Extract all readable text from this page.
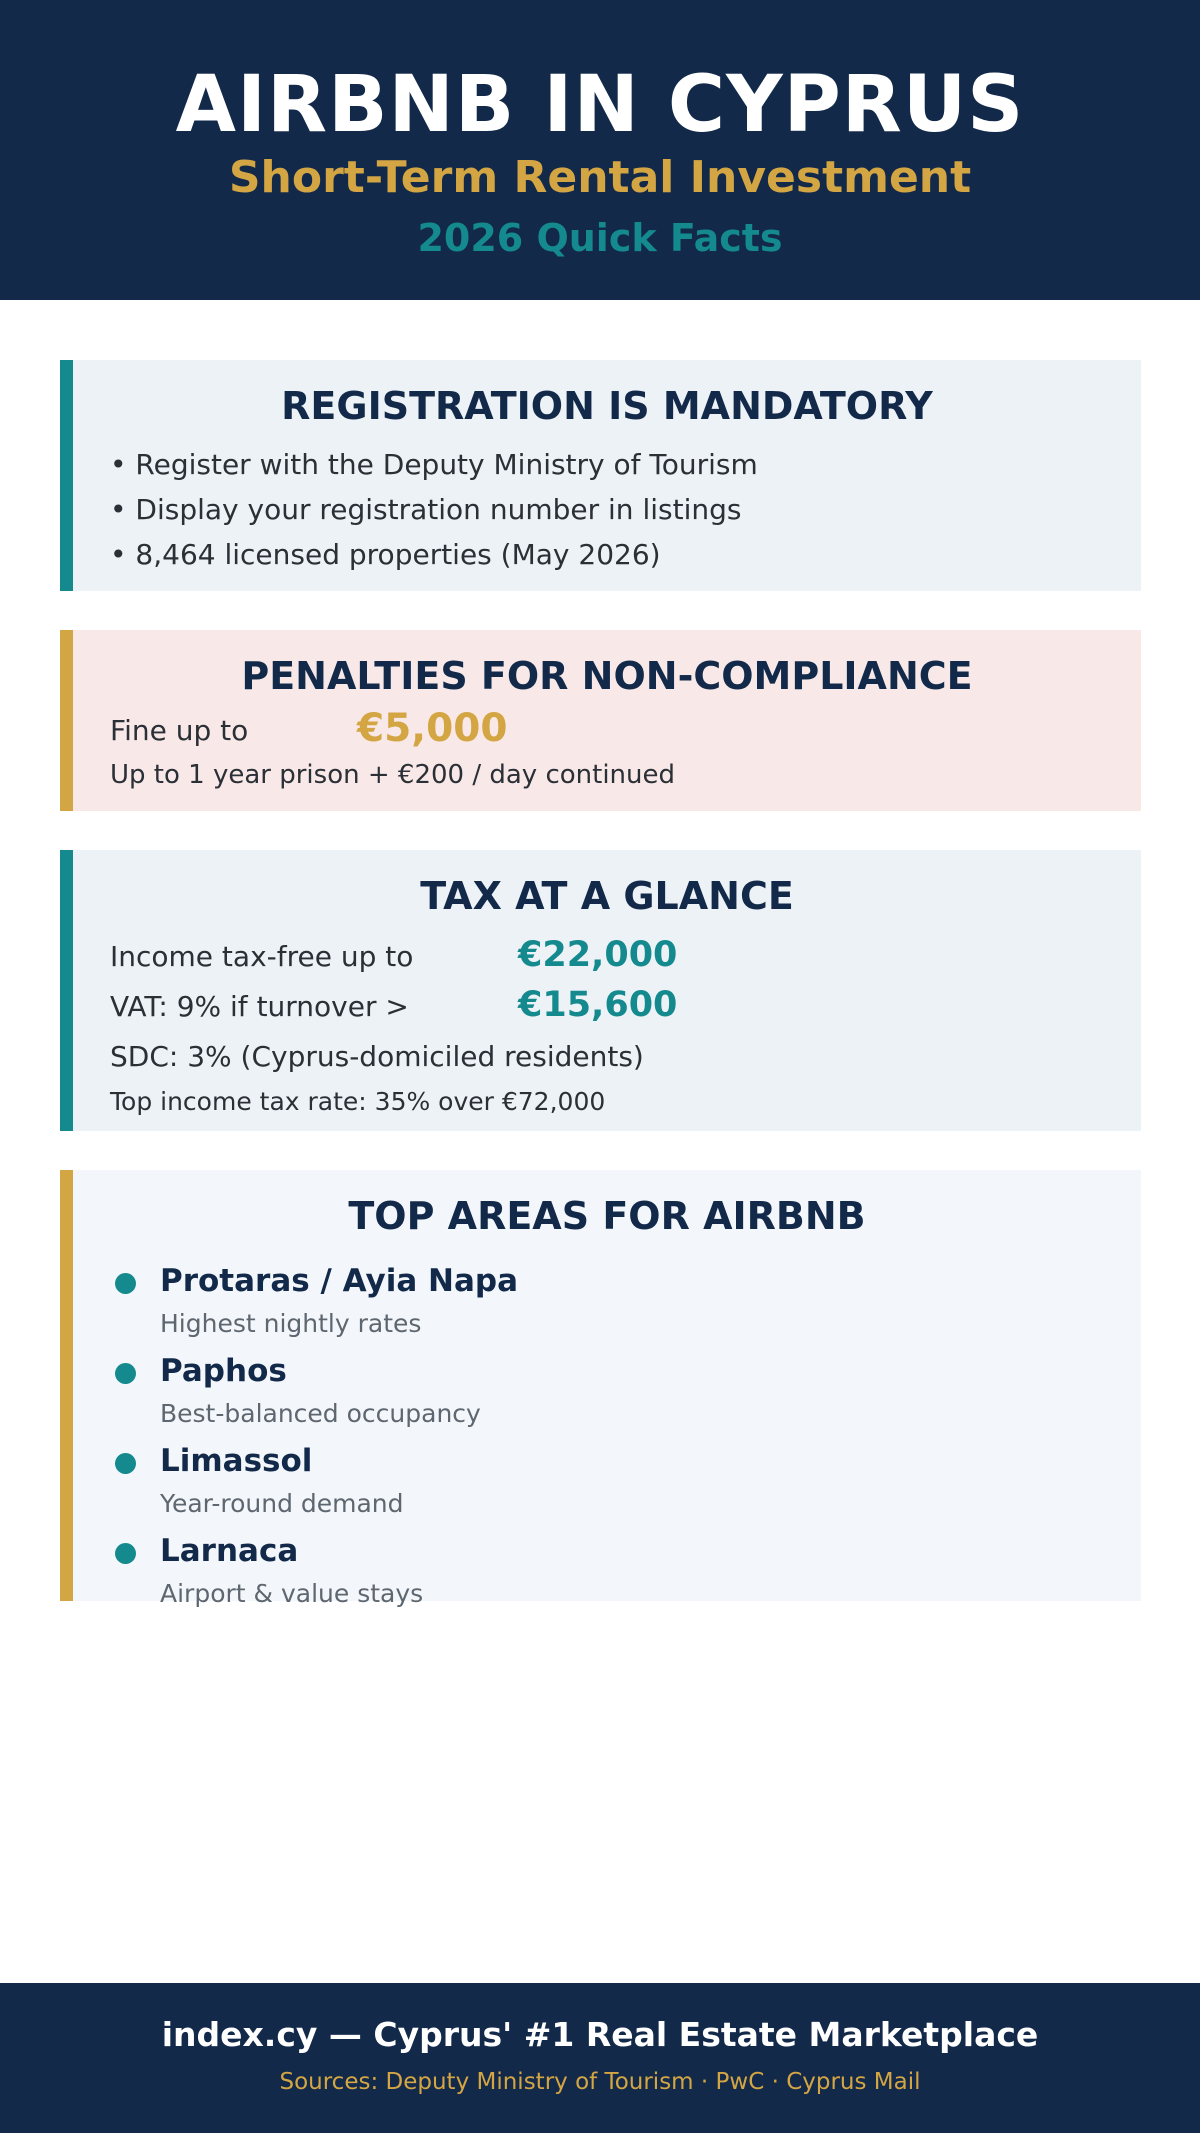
AIRBNB IN CYPRUS
Short-Term Rental Investment
2026 Quick Facts
REGISTRATION IS MANDATORY
• Register with the Deputy Ministry of Tourism
• Display your registration number in listings
• 8,464 licensed properties (May 2026)
PENALTIES FOR NON-COMPLIANCE
Fine up to	€5,000
Up to 1 year prison + €200 / day continued
TAX AT A GLANCE
Income tax-free up to	€22,000
VAT: 9% if turnover >	€15,600
SDC: 3% (Cyprus-domiciled residents)
Top income tax rate: 35% over €72,000
TOP AREAS FOR AIRBNB
Protaras / Ayia Napa
Highest nightly rates
Paphos
Best-balanced occupancy
Limassol
Year-round demand
Larnaca
Airport & value stays
index.cy — Cyprus' #1 Real Estate Marketplace
Sources: Deputy Ministry of Tourism · PwC · Cyprus Mail
